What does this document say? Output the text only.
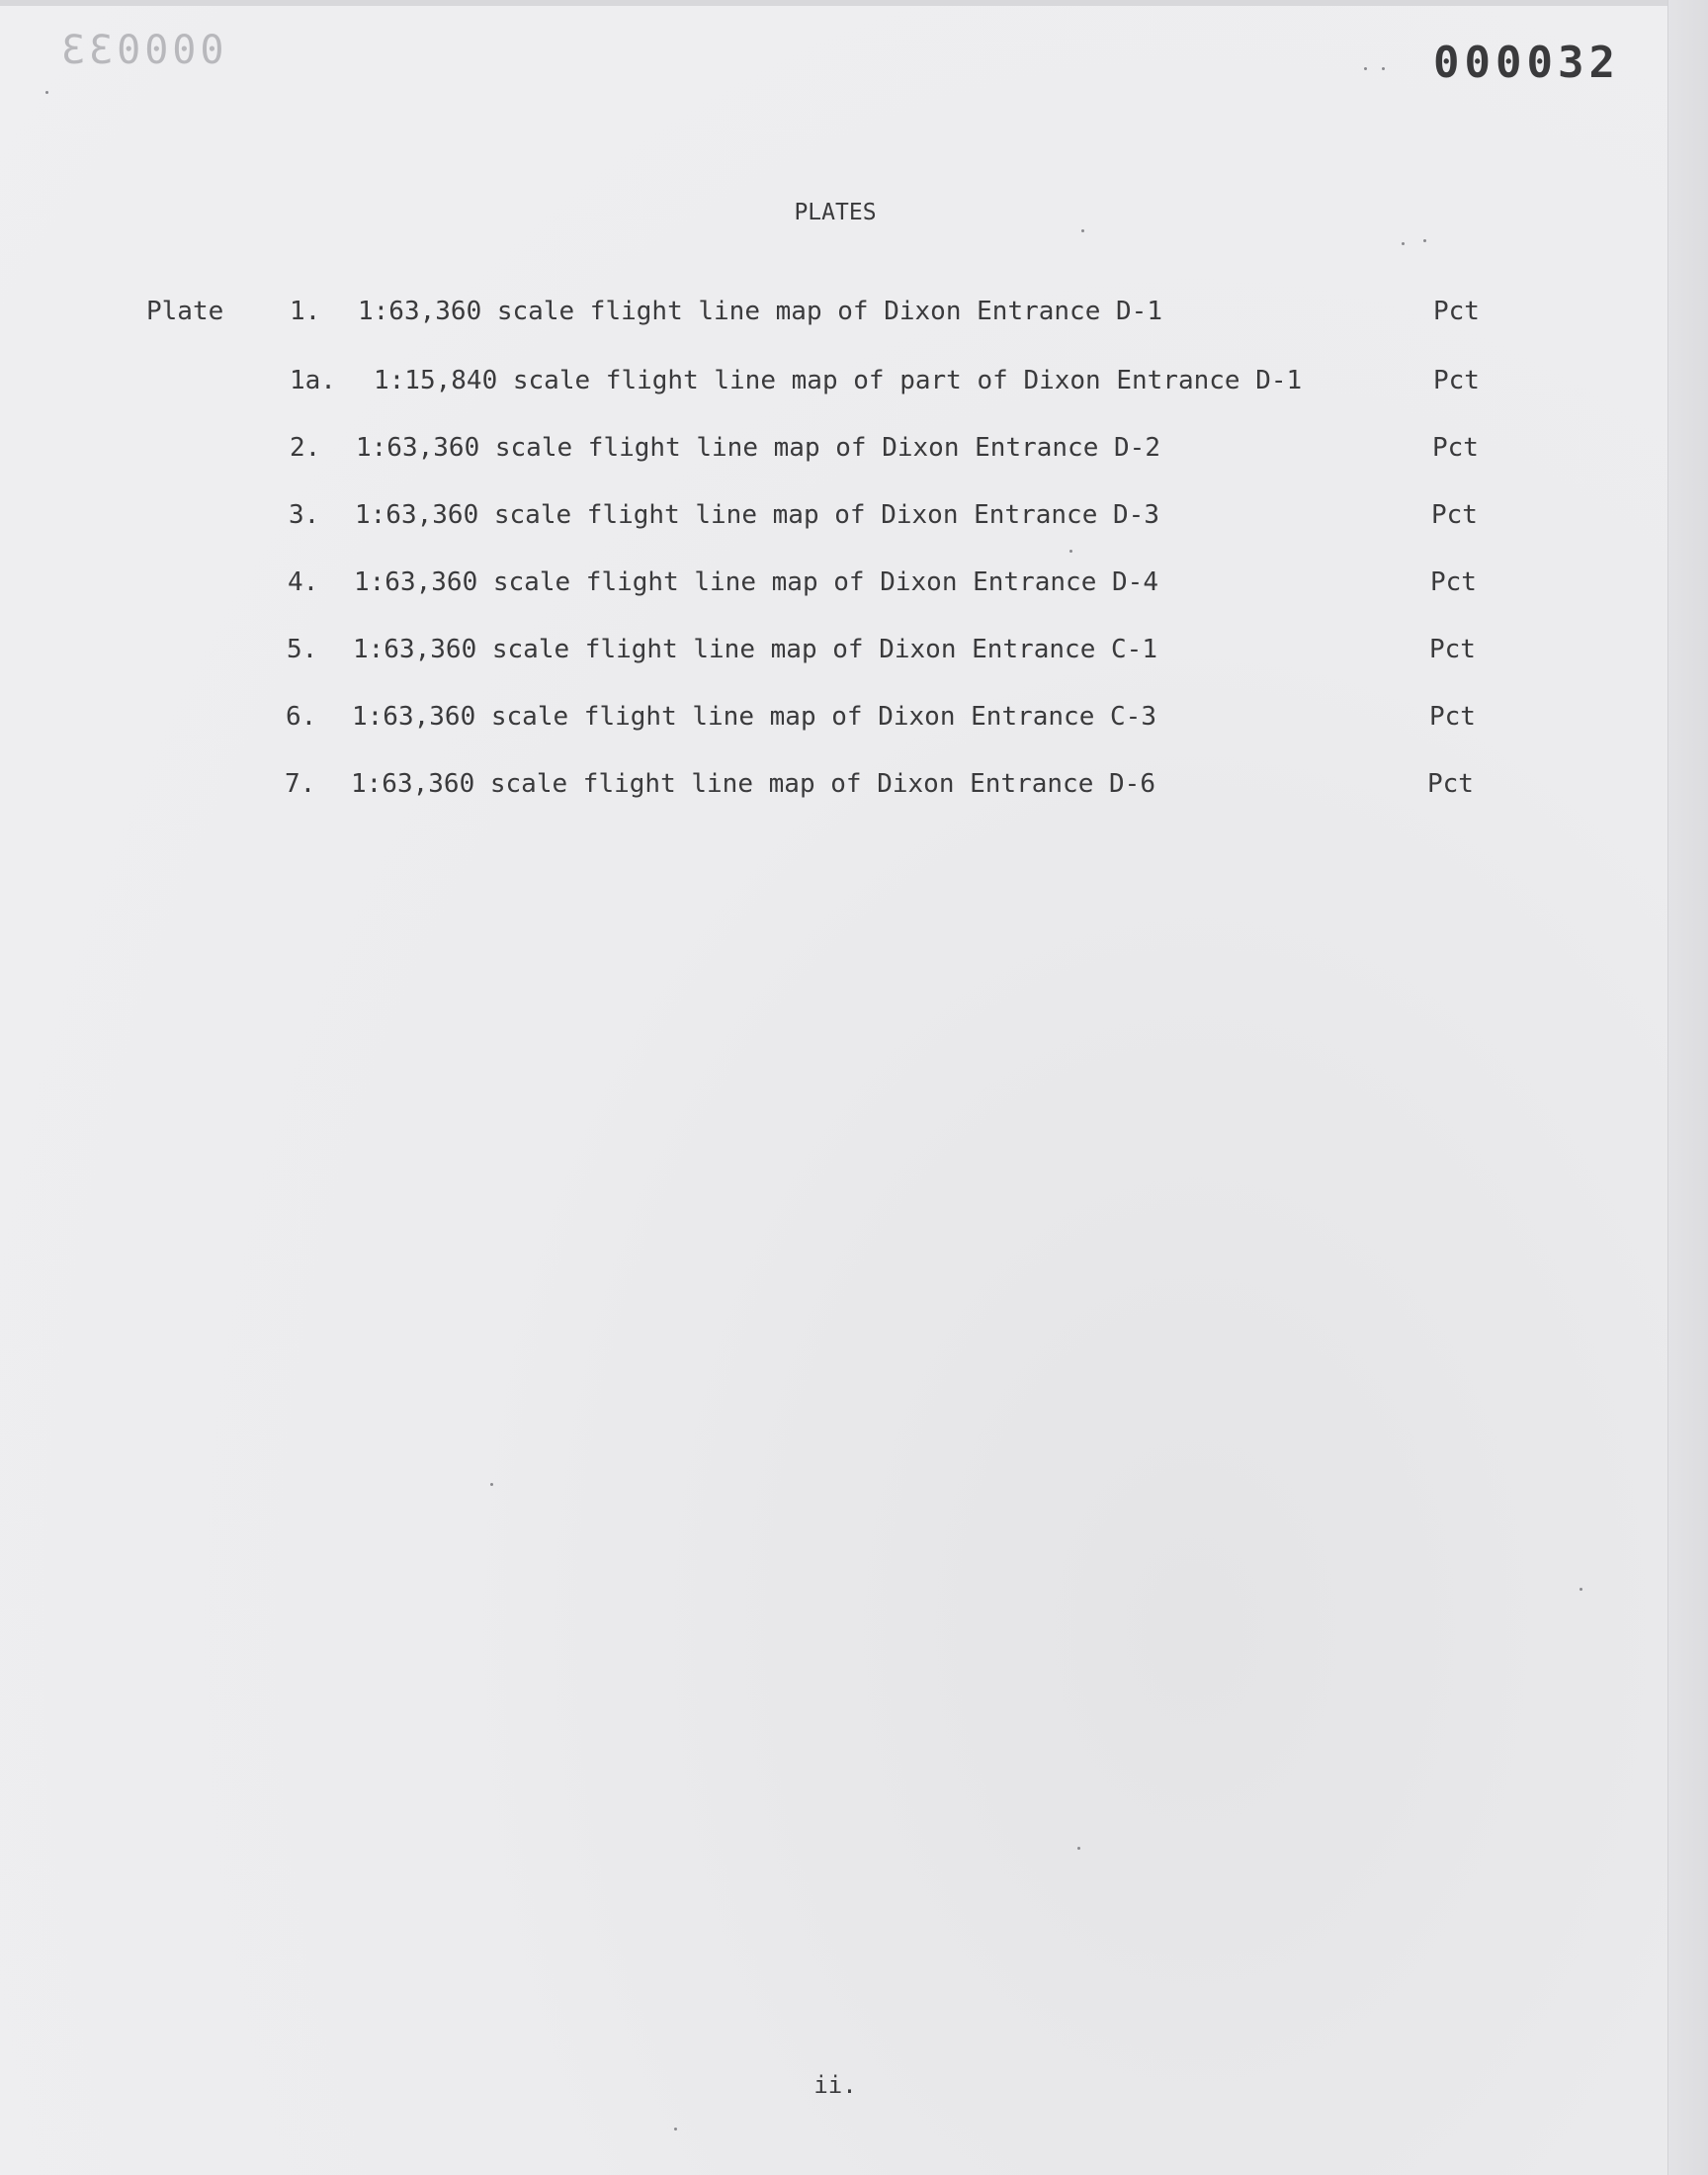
000033	000032
PLATES
Plate	1. 1:63,360 scale flight line map of Dixon Entrance D-1	Pct
1a. 1:15,840 scale flight line map of part of Dixon Entrance D-1	Pct
2. 1:63,360 scale flight line map of Dixon Entrance D-2	Pct
3. 1:63,360 scale flight line map of Dixon Entrance D-3	Pct
4. 1:63,360 scale flight line map of Dixon Entrance D-4	Pct
5. 1:63,360 scale flight line map of Dixon Entrance C-1	Pct
6. 1:63,360 scale flight line map of Dixon Entrance C-3	Pct
7. 1:63,360 scale flight line map of Dixon Entrance D-6	Pct
ii.
